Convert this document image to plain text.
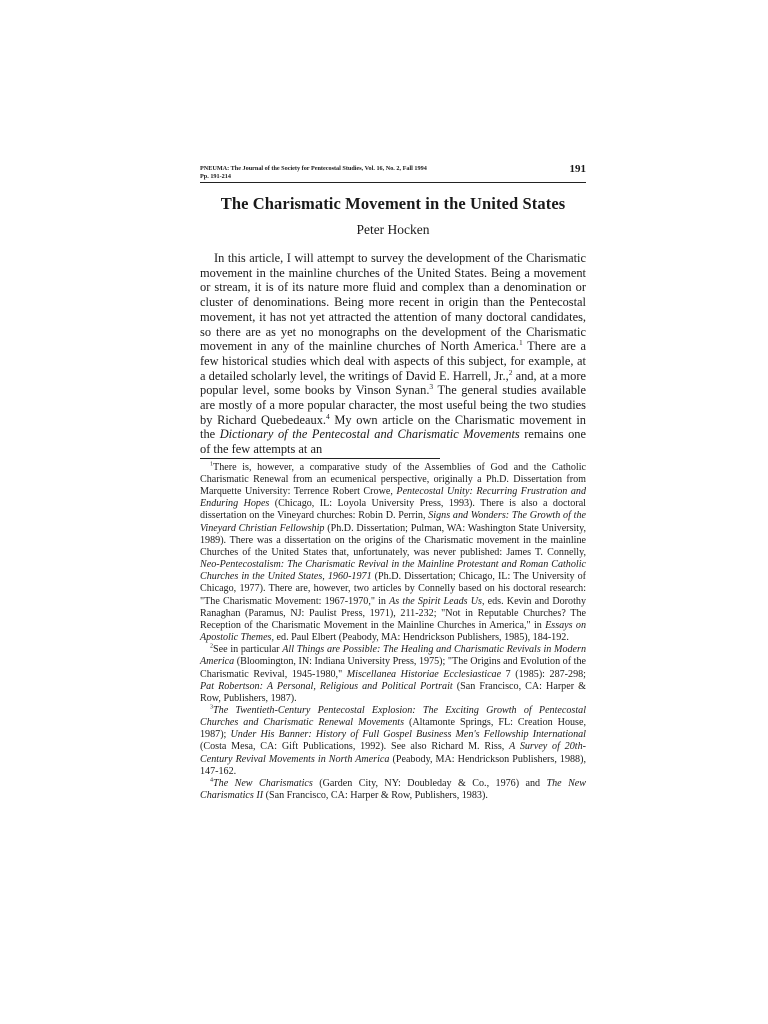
PNEUMA: The Journal of the Society for Pentecostal Studies, Vol. 16, No. 2, Fall 1994
Pp. 191-214
191
The Charismatic Movement in the United States
Peter Hocken

In this article, I will attempt to survey the development of the Charismatic movement in the mainline churches of the United States. Being a movement or stream, it is of its nature more fluid and complex than a denomination or cluster of denominations. Being more recent in origin than the Pentecostal movement, it has not yet attracted the attention of many doctoral candidates, so there are as yet no monographs on the development of the Charismatic movement in any of the mainline churches of North America.$^1$ There are a few historical studies which deal with aspects of this subject, for example, at a detailed scholarly level, the writings of David E. Harrell, Jr.,$^2$ and, at a more popular level, some books by Vinson Synan.$^3$ The general studies available are mostly of a more popular character, the most useful being the two studies by Richard Quebedeaux.$^4$ My own article on the Charismatic movement in the Dictionary of the Pentecostal and Charismatic Movements remains one of the few attempts at an

$^1$There is, however, a comparative study of the Assemblies of God and the Catholic Charismatic Renewal from an ecumenical perspective, originally a Ph.D. Dissertation from Marquette University: Terrence Robert Crowe, Pentecostal Unity: Recurring Frustration and Enduring Hopes (Chicago, IL: Loyola University Press, 1993). There is also a doctoral dissertation on the Vineyard churches: Robin D. Perrin, Signs and Wonders: The Growth of the Vineyard Christian Fellowship (Ph.D. Dissertation; Pulman, WA: Washington State University, 1989). There was a dissertation on the origins of the Charismatic movement in the mainline Churches of the United States that, unfortunately, was never published: James T. Connelly, Neo-Pentecostalism: The Charismatic Revival in the Mainline Protestant and Roman Catholic Churches in the United States, 1960-1971 (Ph.D. Dissertation; Chicago, IL: The University of Chicago, 1977). There are, however, two articles by Connelly based on his doctoral research: "The Charismatic Movement: 1967-1970," in As the Spirit Leads Us, eds. Kevin and Dorothy Ranaghan (Paramus, NJ: Paulist Press, 1971), 211-232; "Not in Reputable Churches? The Reception of the Charismatic Movement in the Mainline Churches in America," in Essays on Apostolic Themes, ed. Paul Elbert (Peabody, MA: Hendrickson Publishers, 1985), 184-192.

$^2$See in particular All Things are Possible: The Healing and Charismatic Revivals in Modern America (Bloomington, IN: Indiana University Press, 1975); "The Origins and Evolution of the Charismatic Revival, 1945-1980," Miscellanea Historiae Ecclesiasticae 7 (1985): 287-298; Pat Robertson: A Personal, Religious and Political Portrait (San Francisco, CA: Harper & Row, Publishers, 1987).

$^3$The Twentieth-Century Pentecostal Explosion: The Exciting Growth of Pentecostal Churches and Charismatic Renewal Movements (Altamonte Springs, FL: Creation House, 1987); Under His Banner: History of Full Gospel Business Men's Fellowship International (Costa Mesa, CA: Gift Publications, 1992). See also Richard M. Riss, A Survey of 20th-Century Revival Movements in North America (Peabody, MA: Hendrickson Publishers, 1988), 147-162.

$^4$The New Charismatics (Garden City, NY: Doubleday & Co., 1976) and The New Charismatics II (San Francisco, CA: Harper & Row, Publishers, 1983).
